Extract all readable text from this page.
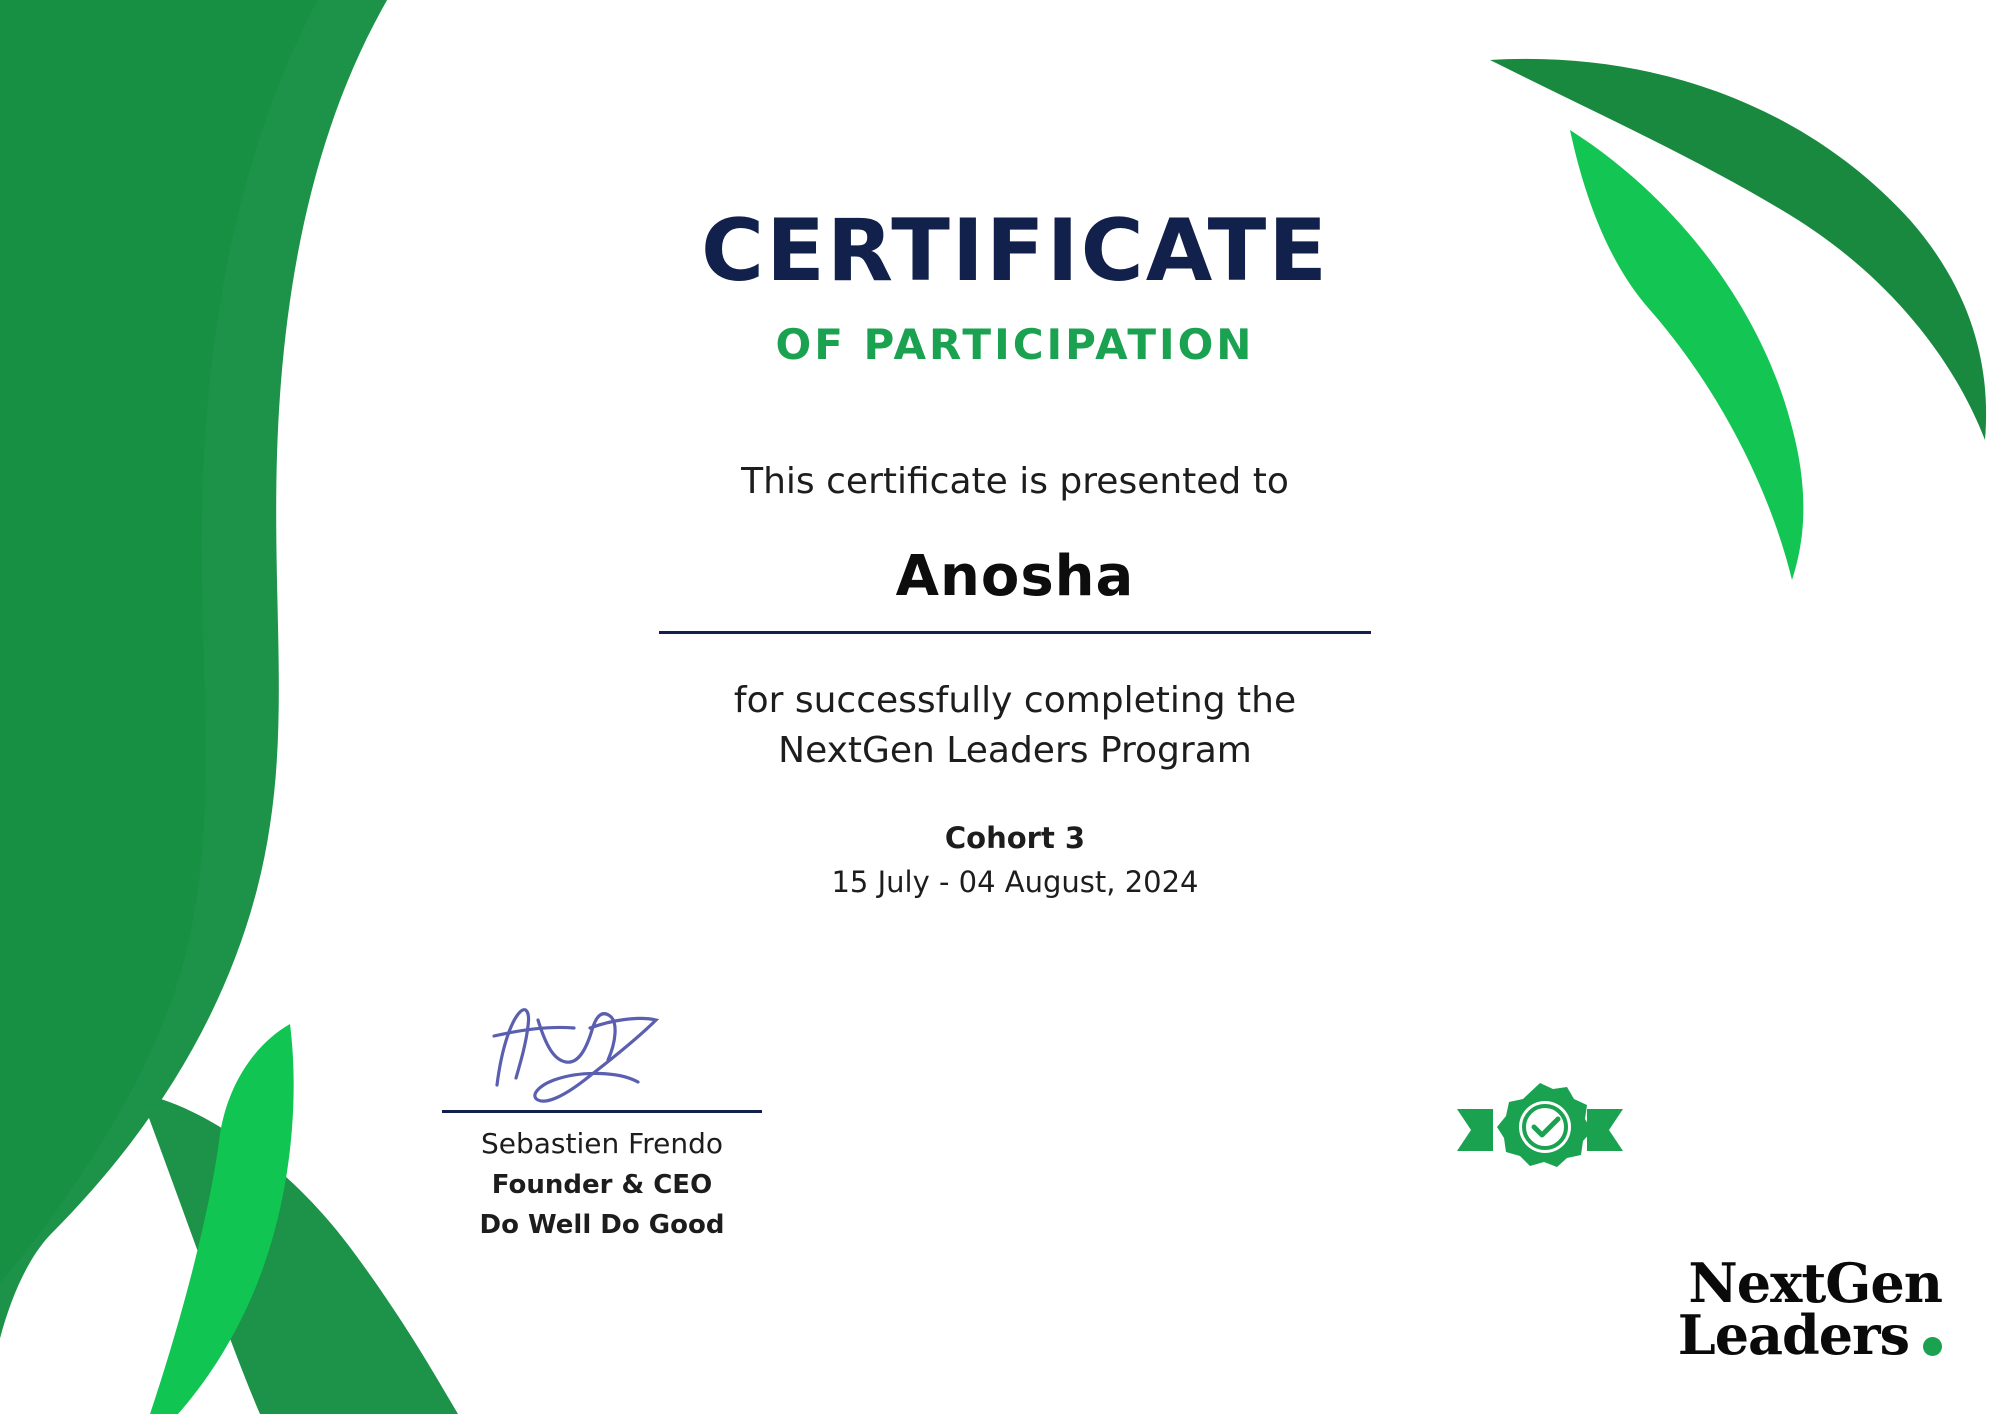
CERTIFICATE
OF PARTICIPATION
This certificate is presented to
Anosha
for successfully completing the
NextGen Leaders Program
Cohort 3
15 July - 04 August, 2024
Sebastien Frendo
Founder & CEO
Do Well Do Good
NextGen
Leaders
